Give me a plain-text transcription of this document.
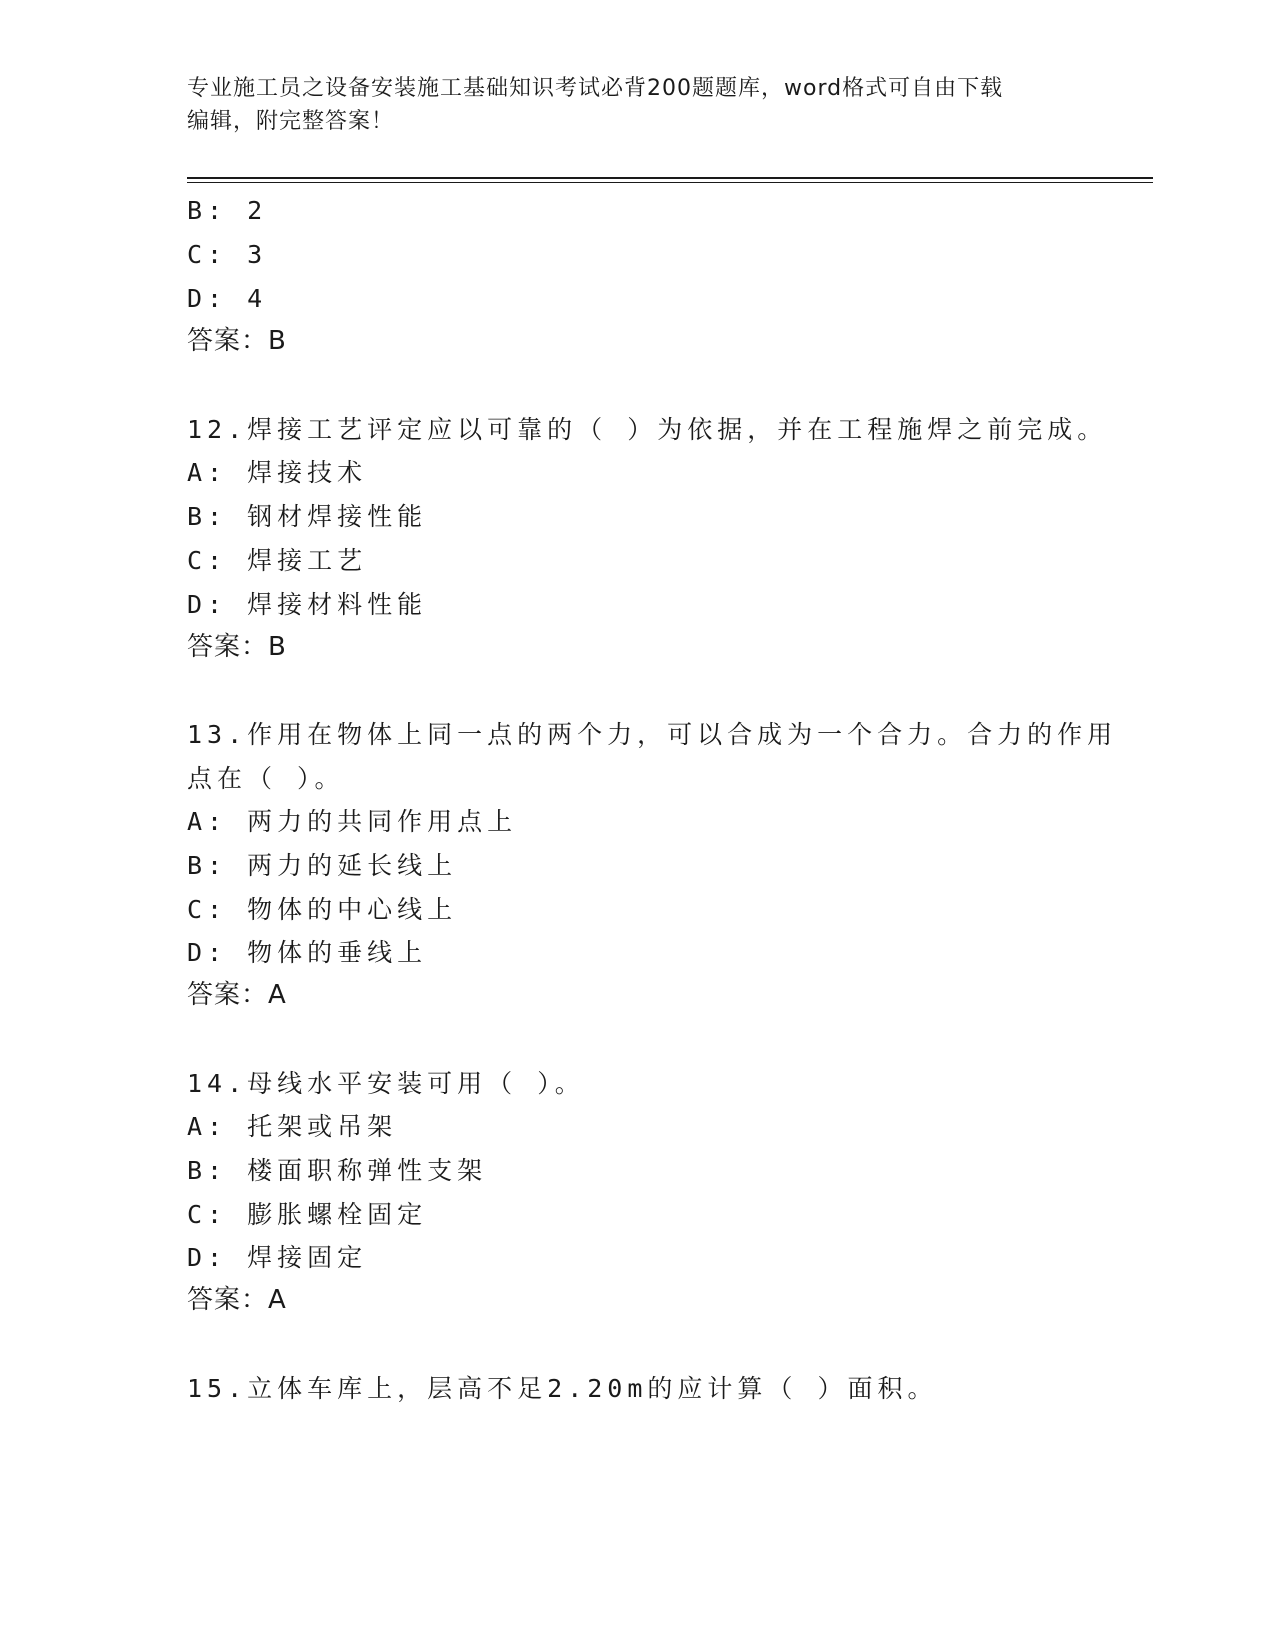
专业施工员之设备安装施工基础知识考试必背200题题库，word格式可自由下载
编辑，附完整答案！
B: 2
C: 3
D: 4
答案：B
12.焊接工艺评定应以可靠的（ ）为依据，并在工程施焊之前完成。
A: 焊接技术
B: 钢材焊接性能
C: 焊接工艺
D: 焊接材料性能
答案：B
13.作用在物体上同一点的两个力，可以合成为一个合力。合力的作用
点在（ ）。
A: 两力的共同作用点上
B: 两力的延长线上
C: 物体的中心线上
D: 物体的垂线上
答案：A
14.母线水平安装可用（ ）。
A: 托架或吊架
B: 楼面职称弹性支架
C: 膨胀螺栓固定
D: 焊接固定
答案：A
15.立体车库上，层高不足2.20m的应计算（ ）面积。
